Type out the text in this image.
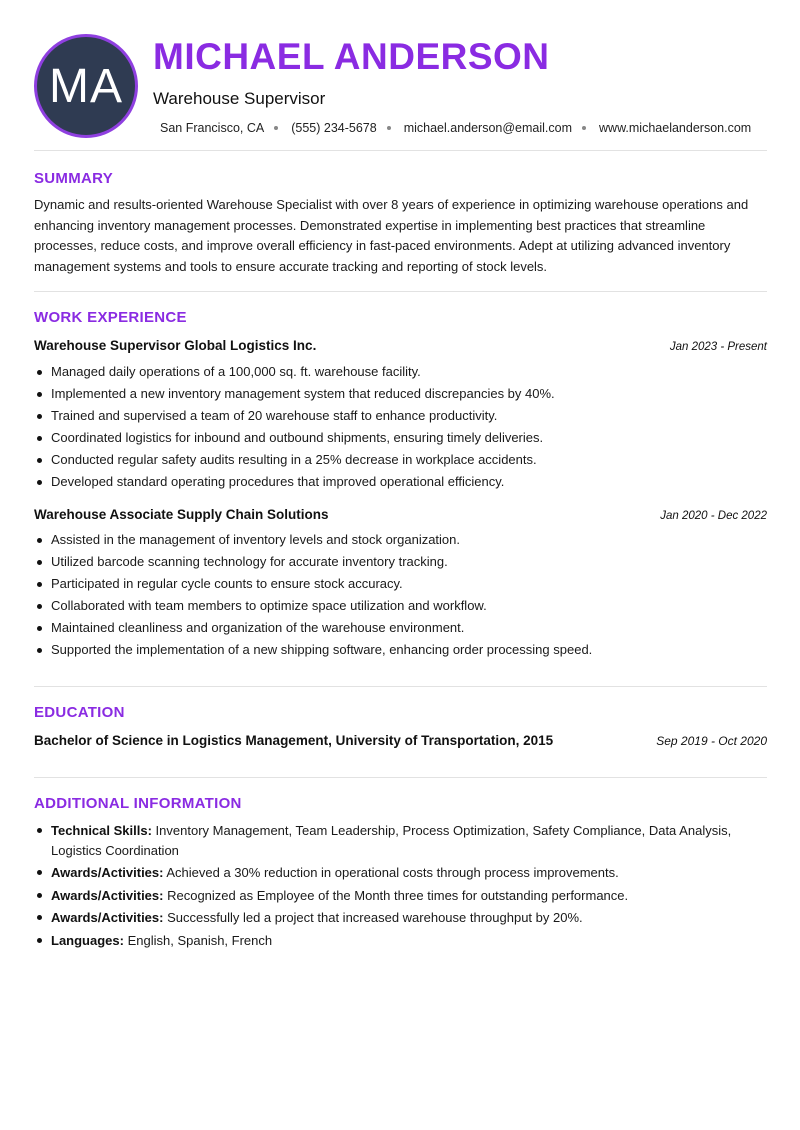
MA
MICHAEL ANDERSON
Warehouse Supervisor
San Francisco, CA (555) 234-5678 michael.anderson@email.com www.michaelanderson.com
SUMMARY

Dynamic and results-oriented Warehouse Specialist with over 8 years of experience in optimizing warehouse operations and enhancing inventory management processes. Demonstrated expertise in implementing best practices that streamline processes, reduce costs, and improve overall efficiency in fast-paced environments. Adept at utilizing advanced inventory management systems and tools to ensure accurate tracking and reporting of stock levels.

WORK EXPERIENCE
Warehouse Supervisor Global Logistics Inc.	Jan 2023 - Present
Managed daily operations of a 100,000 sq. ft. warehouse facility.
Implemented a new inventory management system that reduced discrepancies by 40%.
Trained and supervised a team of 20 warehouse staff to enhance productivity.
Coordinated logistics for inbound and outbound shipments, ensuring timely deliveries.
Conducted regular safety audits resulting in a 25% decrease in workplace accidents.
Developed standard operating procedures that improved operational efficiency.
Warehouse Associate Supply Chain Solutions	Jan 2020 - Dec 2022
Assisted in the management of inventory levels and stock organization.
Utilized barcode scanning technology for accurate inventory tracking.
Participated in regular cycle counts to ensure stock accuracy.
Collaborated with team members to optimize space utilization and workflow.
Maintained cleanliness and organization of the warehouse environment.
Supported the implementation of a new shipping software, enhancing order processing speed.
EDUCATION
Bachelor of Science in Logistics Management, University of Transportation, 2015	Sep 2019 - Oct 2020
ADDITIONAL INFORMATION
Technical Skills: Inventory Management, Team Leadership, Process Optimization, Safety Compliance, Data Analysis, Logistics Coordination
Awards/Activities: Achieved a 30% reduction in operational costs through process improvements.
Awards/Activities: Recognized as Employee of the Month three times for outstanding performance.
Awards/Activities: Successfully led a project that increased warehouse throughput by 20%.
Languages: English, Spanish, French
